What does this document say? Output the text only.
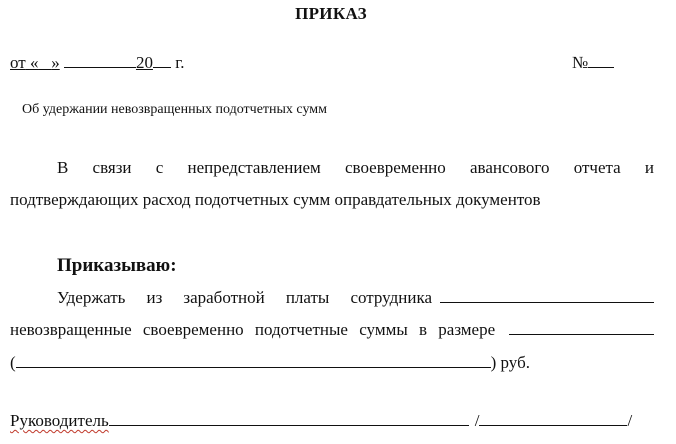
ПРИКАЗ
от « »	20 г.	№
Об удержании невозвращенных подотчетных сумм
В связи с непредставлением своевременно авансового отчета и
подтверждающих расход подотчетных сумм оправдательных документов
Приказываю:
Удержать из заработной платы сотрудника
невозвращенные своевременно подотчетные суммы в размере
(	) руб.
Руководитель	/	/
